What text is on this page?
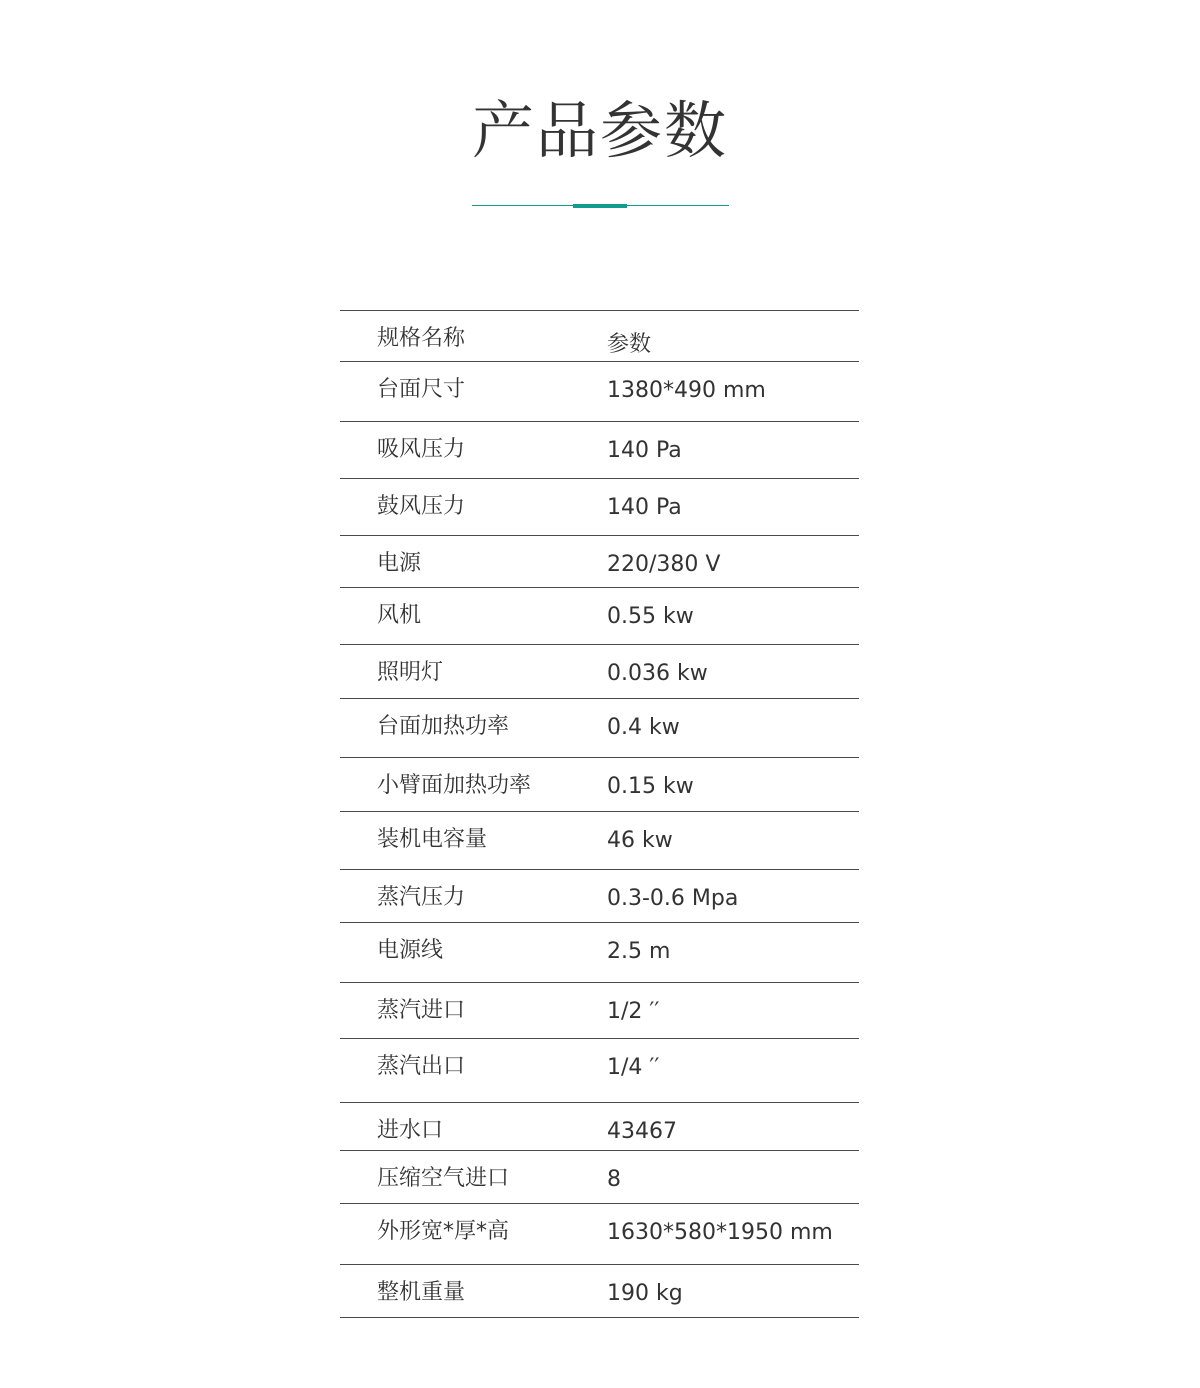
产品参数
规格名称	参数
台面尺寸	1380*490 mm
吸风压力	140 Pa
鼓风压力	140 Pa
电源	220/380 V
风机	0.55 kw
照明灯	0.036 kw
台面加热功率	0.4 kw
小臂面加热功率	0.15 kw
装机电容量	46 kw
蒸汽压力	0.3-0.6 Mpa
电源线	2.5 m
蒸汽进口	1/2 ′′
蒸汽出口	1/4 ′′
进水口	43467
压缩空气进口	8
外形宽*厚*高	1630*580*1950 mm
整机重量	190 kg
